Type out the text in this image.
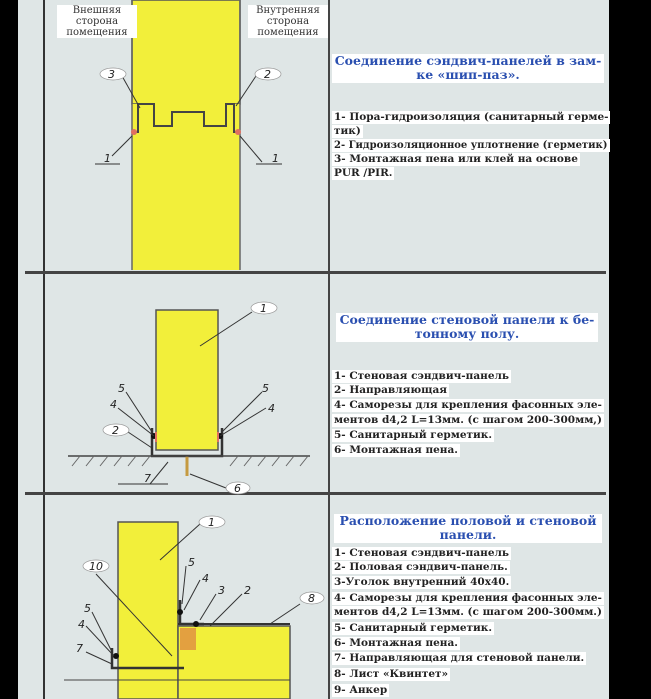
3	2
1	1
1
5	5
4	4
2
7
6
1
10	5
4
3 2
8
5
4
7
Внешняя сторона помещения
Внутренняя сторона помещения
Соединение сэндвич-панелей в зам-
ке «шип-паз».
1- Пора-гидроизоляция (санитарный герме-
тик)
2- Гидроизоляционное уплотнение (герметик)
3- Монтажная пена или клей на основе
PUR /PIR.
Соединение стеновой панели к бе-
тонному полу.
1- Стеновая сэндвич-панель
2- Направляющая
4- Саморезы для крепления фасонных эле-
ментов d4,2 L=13мм. (с шагом 200-300мм,)
5- Санитарный герметик.
6- Монтажная пена.
Расположение половой и стеновой
панели.
1- Стеновая сэндвич-панель
2- Половая сэндвич-панель.
3-Уголок внутренний 40х40.
4- Саморезы для крепления фасонных эле-
ментов d4,2 L=13мм. (с шагом 200-300мм.)
5- Санитарный герметик.
6- Монтажная пена.
7- Направляющая для стеновой панели.
8- Лист «Квинтет»
9- Анкер
